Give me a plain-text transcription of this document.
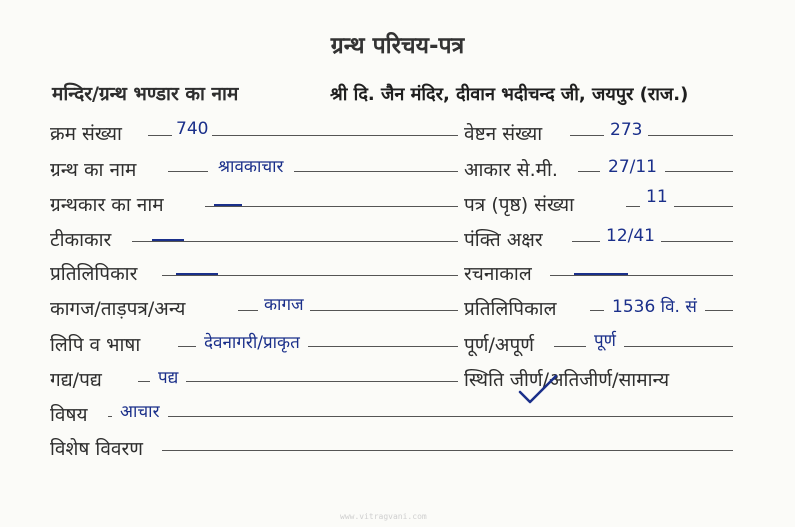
ग्रन्थ परिचय-पत्र
मन्दिर/ग्रन्थ भण्डार का नाम	श्री दि. जैन मंदिर, दीवान भदीचन्द जी, जयपुर (राज.)
क्रम संख्या	740
ग्रन्थ का नाम	श्रावकाचार
ग्रन्थकार का नाम
टीकाकार
प्रतिलिपिकार
कागज/ताड़पत्र/अन्य	कागज
लिपि व भाषा	देवनागरी/प्राकृत
गद्य/पद्य	पद्य
विषय	आचार
विशेष विवरण
वेष्टन संख्या	273
आकार से.मी.	27/11
पत्र (पृष्ठ) संख्या	11
पंक्ति अक्षर	12/41
रचनाकाल
प्रतिलिपिकाल	1536 वि. सं
पूर्ण/अपूर्ण	पूर्ण
स्थिति जीर्ण/अतिजीर्ण/सामान्य
www.vitragvani.com
